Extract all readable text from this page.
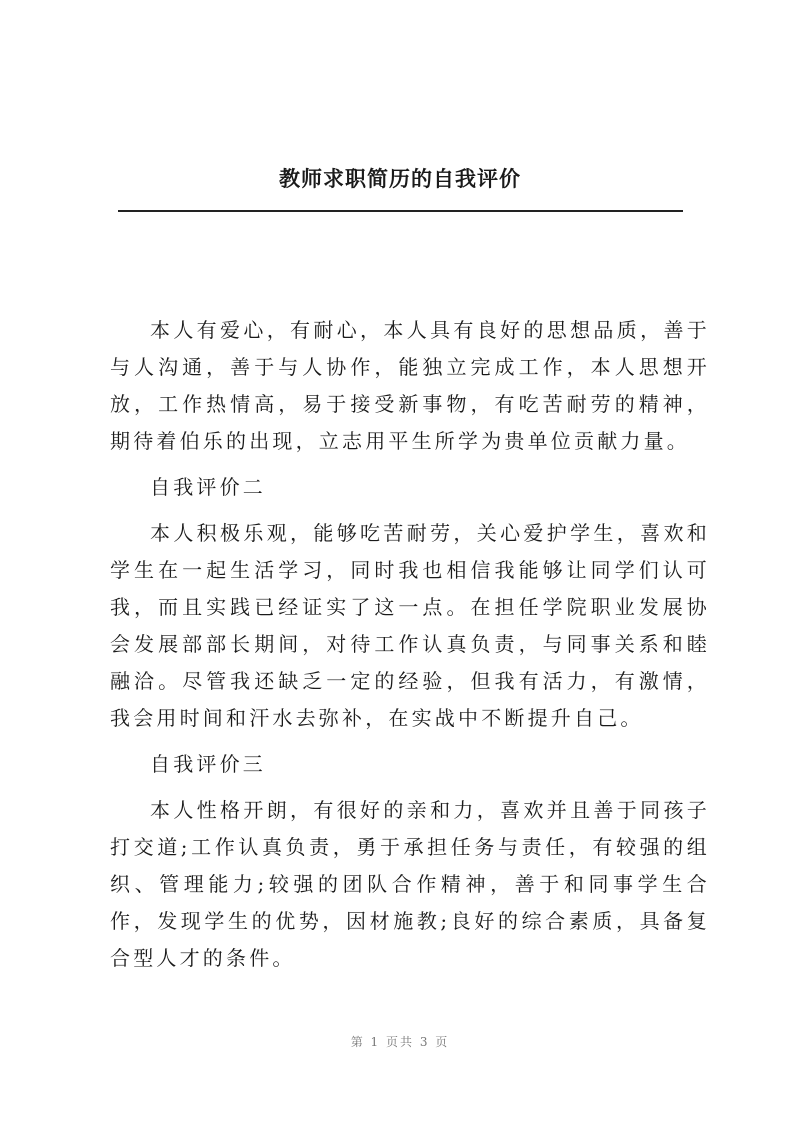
教师求职简历的自我评价

本人有爱心，有耐心，本人具有良好的思想品质，善于与人沟通，善于与人协作，能独立完成工作，本人思想开放，工作热情高，易于接受新事物，有吃苦耐劳的精神，期待着伯乐的出现，立志用平生所学为贵单位贡献力量。

自我评价二

本人积极乐观，能够吃苦耐劳，关心爱护学生，喜欢和学生在一起生活学习，同时我也相信我能够让同学们认可我，而且实践已经证实了这一点。在担任学院职业发展协会发展部部长期间，对待工作认真负责，与同事关系和睦融洽。尽管我还缺乏一定的经验，但我有活力，有激情，我会用时间和汗水去弥补，在实战中不断提升自己。

自我评价三

本人性格开朗，有很好的亲和力，喜欢并且善于同孩子打交道;工作认真负责，勇于承担任务与责任，有较强的组织、管理能力;较强的团队合作精神，善于和同事学生合作，发现学生的优势，因材施教;良好的综合素质，具备复合型人才的条件。

第 1 页共 3 页
